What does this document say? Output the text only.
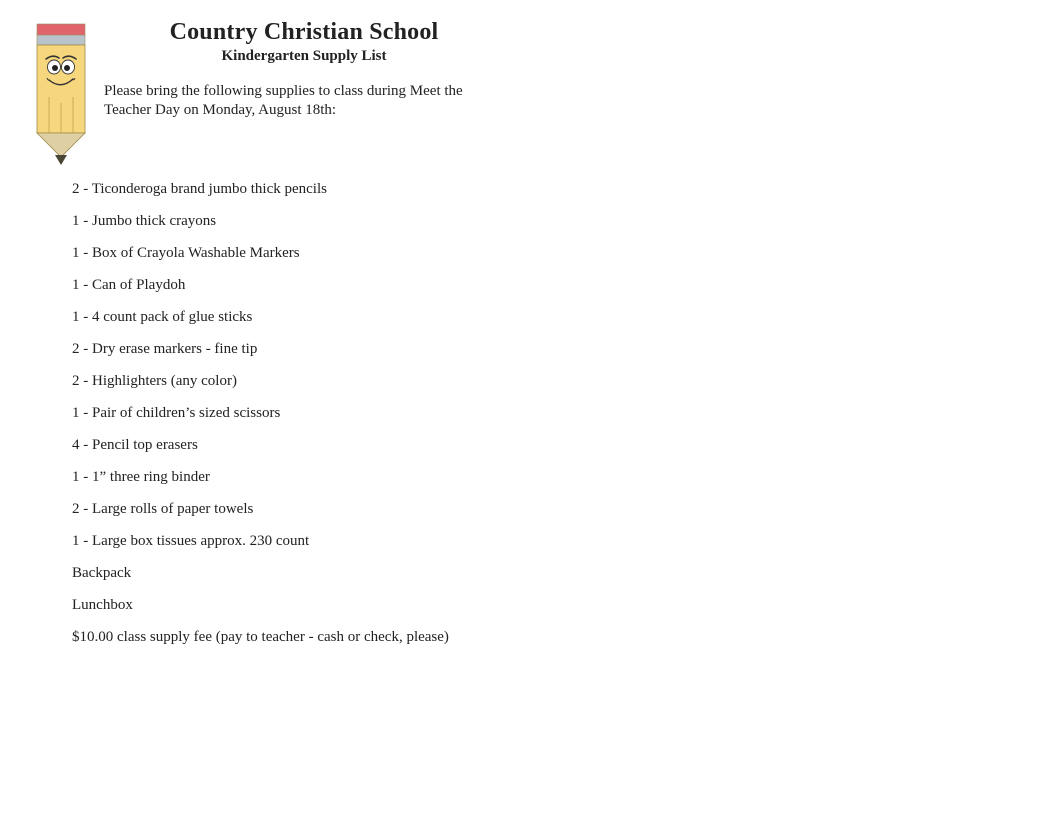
Country Christian School
Kindergarten Supply List
Please bring the following supplies to class during Meet the Teacher Day on Monday, August 18th:
2 - Ticonderoga brand jumbo thick pencils
1 - Jumbo thick crayons
1 - Box of Crayola Washable Markers
1 - Can of Playdoh
1 - 4 count pack of glue sticks
2 - Dry erase markers - fine tip
2 - Highlighters (any color)
1 - Pair of children’s sized scissors
4 - Pencil top erasers
1 - 1” three ring binder
2 - Large rolls of paper towels
1 - Large box tissues approx. 230 count
Backpack
Lunchbox
$10.00 class supply fee (pay to teacher - cash or check, please)
